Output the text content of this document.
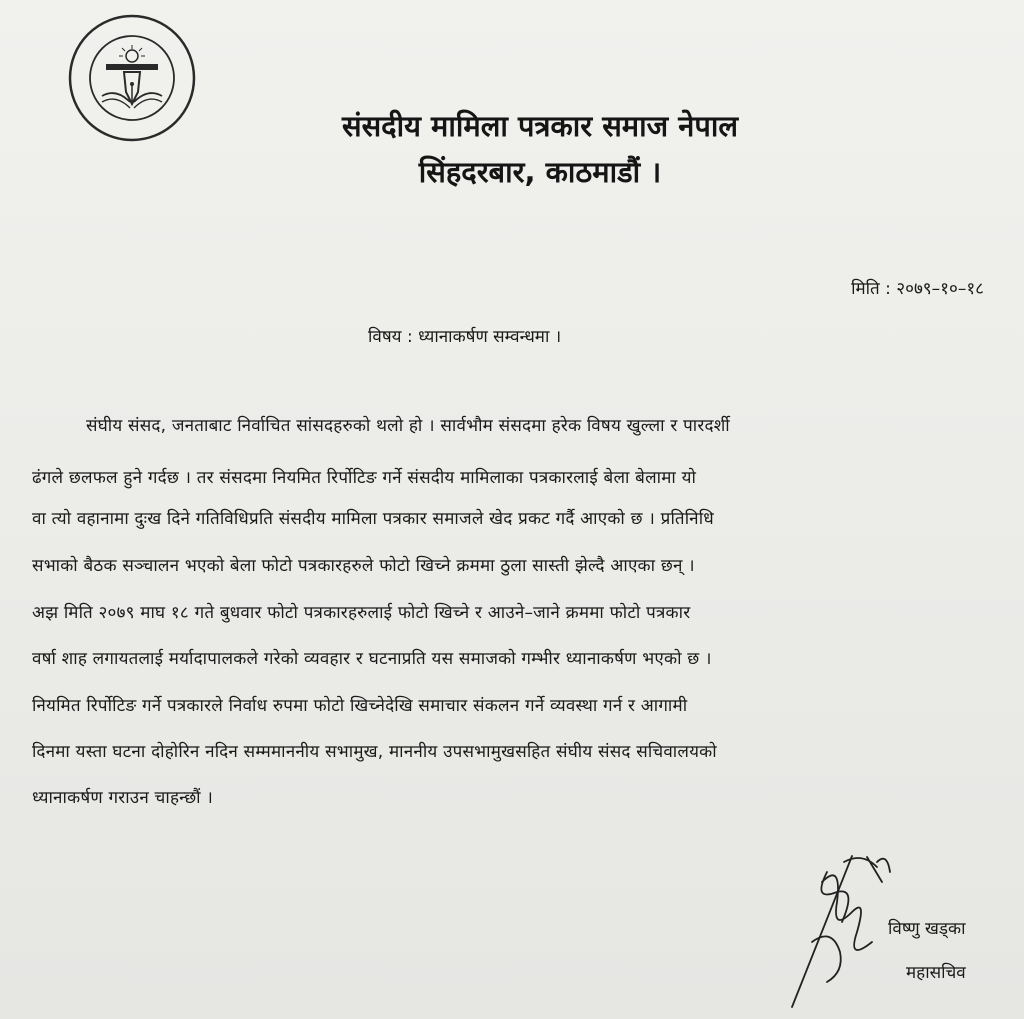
संसदीय मामिला पत्रकार समाज नेपाल
सिंहदरबार, काठमाडौं ।
मिति : २०७९–१०–१८
विषय : ध्यानाकर्षण सम्वन्धमा ।
संघीय संसद, जनताबाट निर्वाचित सांसदहरुको थलो हो । सार्वभौम संसदमा हरेक विषय खुल्ला र पारदर्शी
ढंगले छलफल हुने गर्दछ । तर संसदमा नियमित रिर्पोटिङ गर्ने संसदीय मामिलाका पत्रकारलाई बेला बेलामा यो
वा त्यो वहानामा दुःख दिने गतिविधिप्रति संसदीय मामिला पत्रकार समाजले खेद प्रकट गर्दै आएको छ । प्रतिनिधि
सभाको बैठक सञ्चालन भएको बेला फोटो पत्रकारहरुले फोटो खिच्ने क्रममा ठुला सास्ती झेल्दै आएका छन् ।
अझ मिति २०७९ माघ १८ गते बुधवार फोटो पत्रकारहरुलाई फोटो खिच्ने र आउने–जाने क्रममा फोटो पत्रकार
वर्षा शाह लगायतलाई मर्यादापालकले गरेको व्यवहार र घटनाप्रति यस समाजको गम्भीर ध्यानाकर्षण भएको छ ।
नियमित रिर्पोटिङ गर्ने पत्रकारले निर्वाध रुपमा फोटो खिच्नेदेखि समाचार संकलन गर्ने व्यवस्था गर्न र आगामी
दिनमा यस्ता घटना दोहोरिन नदिन सम्ममाननीय सभामुख, माननीय उपसभामुखसहित संघीय संसद सचिवालयको
ध्यानाकर्षण गराउन चाहन्छौं ।
विष्णु खड्का
महासचिव
